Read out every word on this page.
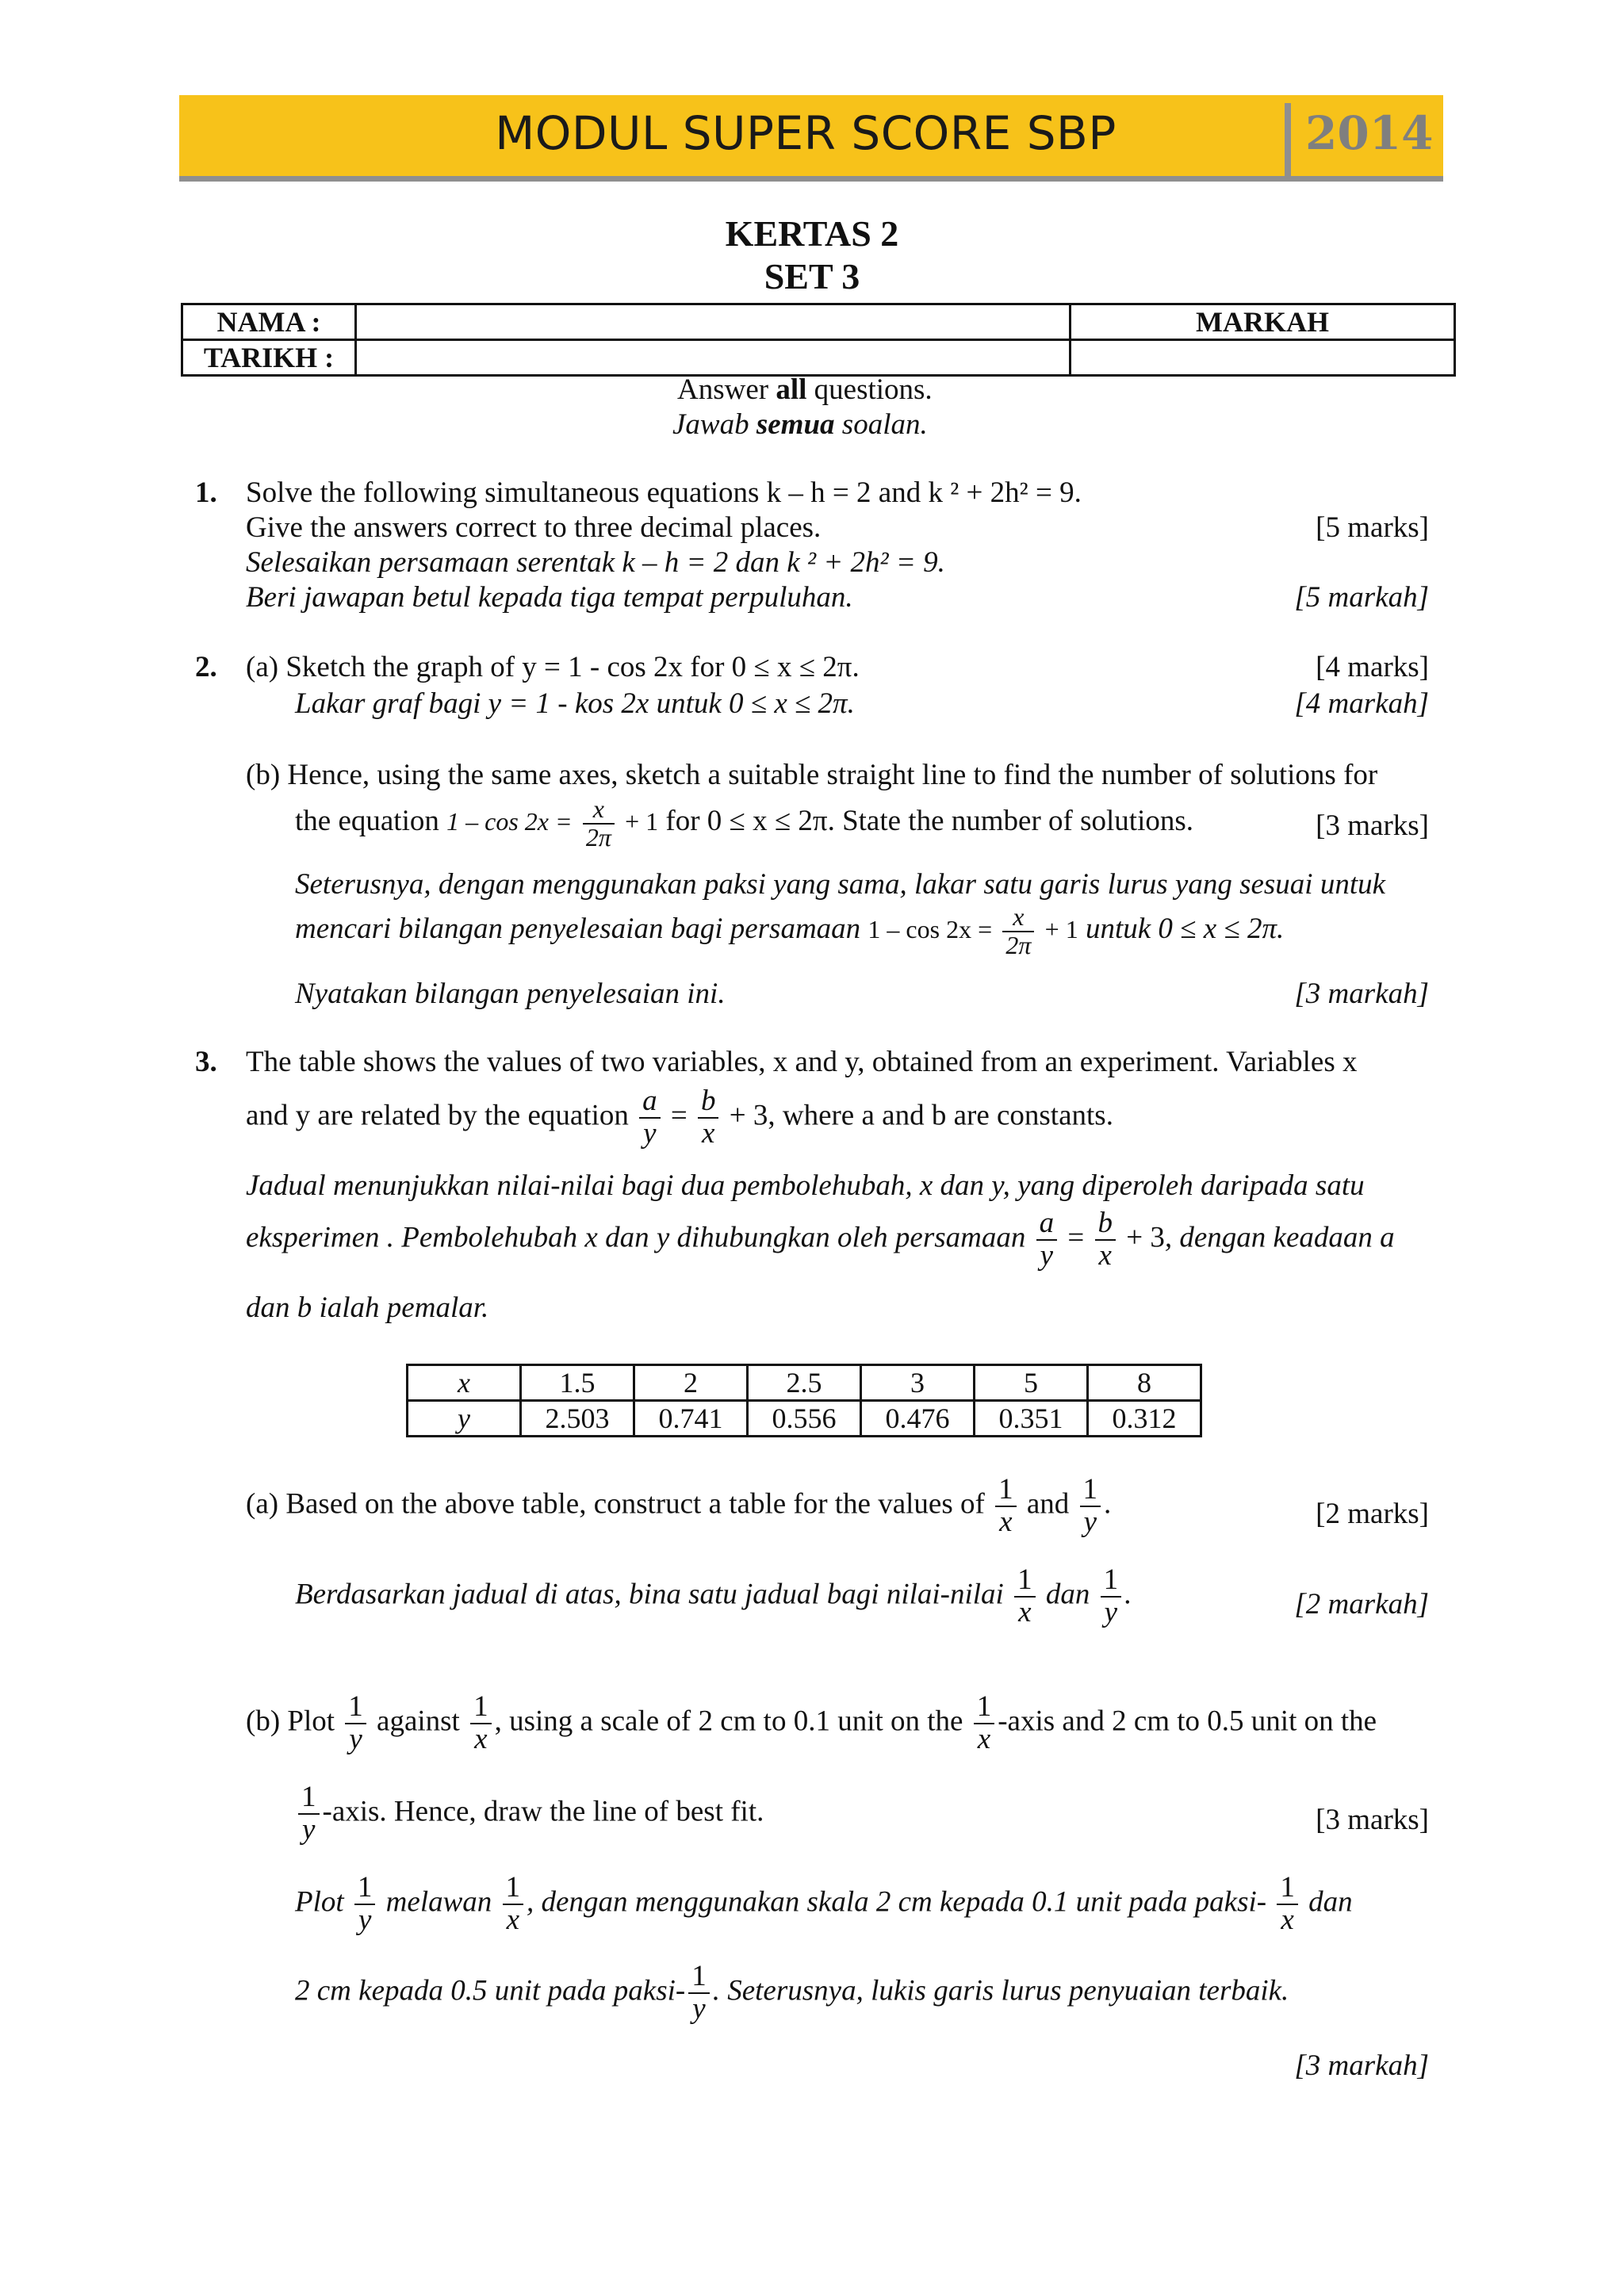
MODUL SUPER SCORE SBP	2014
KERTAS 2
SET 3
NAMA :		MARKAH
TARIKH :		
Answer all questions.
Jawab semua soalan.
1. Solve the following simultaneous equations k – h = 2 and k ² + 2h² = 9.
Give the answers correct to three decimal places.	[5 marks]
Selesaikan persamaan serentak k – h = 2 dan k ² + 2h² = 9.
Beri jawapan betul kepada tiga tempat perpuluhan.	[5 markah]
2. (a) Sketch the graph of y = 1 - cos 2x for 0 ≤ x ≤ 2π.	[4 marks]
Lakar graf bagi y = 1 - kos 2x untuk 0 ≤ x ≤ 2π.	[4 markah]
(b) Hence, using the same axes, sketch a suitable straight line to find the number of solutions for
the equation $1 - \cos 2x = \frac{x}{2\pi} + 1$ for 0 ≤ x ≤ 2π. State the number of solutions.	[3 marks]
Seterusnya, dengan menggunakan paksi yang sama, lakar satu garis lurus yang sesuai untuk
mencari bilangan penyelesaian bagi persamaan $1 - \cos 2x = \frac{x}{2\pi} + 1$ untuk 0 ≤ x ≤ 2π.
Nyatakan bilangan penyelesaian ini.	[3 markah]
3. The table shows the values of two variables, x and y, obtained from an experiment. Variables x
and y are related by the equation $\frac{a}{y} = \frac{b}{x} + 3$, where a and b are constants.
Jadual menunjukkan nilai-nilai bagi dua pembolehubah, x dan y, yang diperoleh daripada satu
eksperimen . Pembolehubah x dan y dihubungkan oleh persamaan $\frac{a}{y} = \frac{b}{x} + 3$, dengan keadaan a
dan b ialah pemalar.
x	1.5	2	2.5	3	5	8
y	2.503	0.741	0.556	0.476	0.351	0.312
(a) Based on the above table, construct a table for the values of $\frac{1}{x}$ and $\frac{1}{y}$ .	[2 marks]
Berdasarkan jadual di atas, bina satu jadual bagi nilai-nilai $\frac{1}{x}$ dan $\frac{1}{y}$ .	[2 markah]
(b) Plot $\frac{1}{y}$ against $\frac{1}{x}$ , using a scale of 2 cm to 0.1 unit on the $\frac{1}{x}$ -axis and 2 cm to 0.5 unit on the
$\frac{1}{y}$ -axis. Hence, draw the line of best fit.	[3 marks]
Plot $\frac{1}{y}$ melawan $\frac{1}{x}$ , dengan menggunakan skala 2 cm kepada 0.1 unit pada paksi- $\frac{1}{x}$ dan
2 cm kepada 0.5 unit pada paksi- $\frac{1}{y}$ . Seterusnya, lukis garis lurus penyuaian terbaik.
[3 markah]
